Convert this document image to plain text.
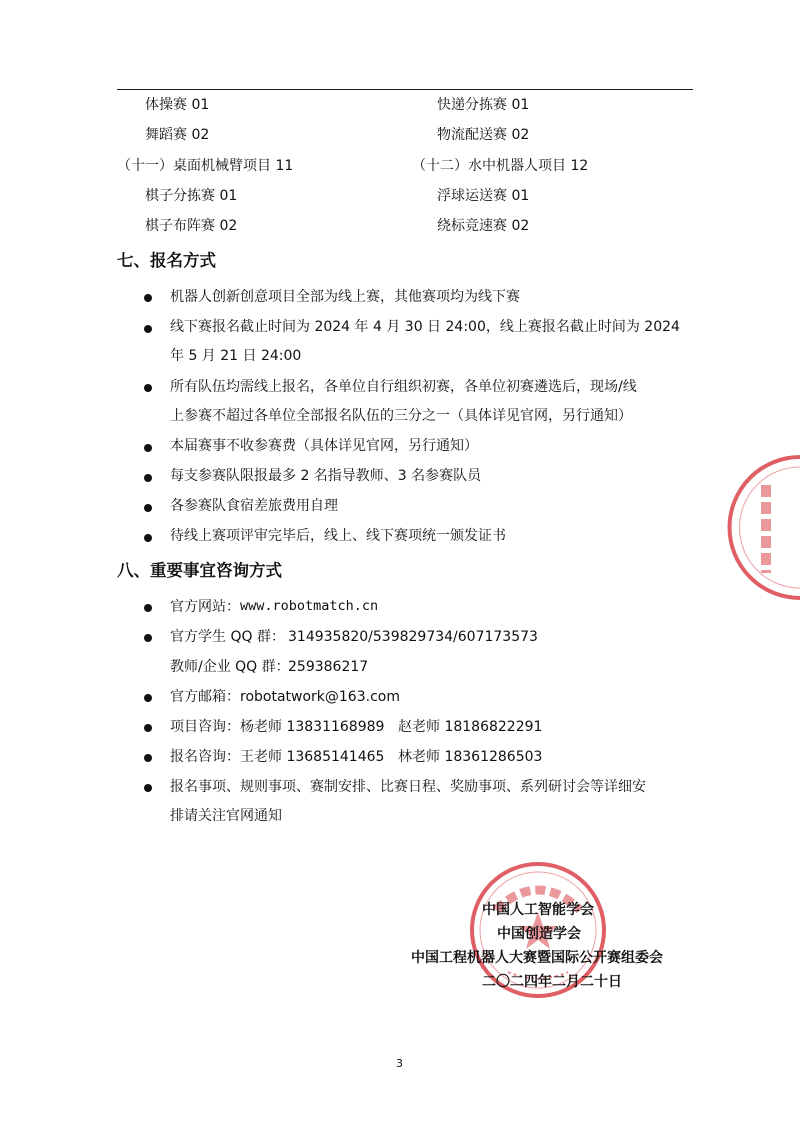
体操赛 01
舞蹈赛 02
（十一）桌面机械臂项目 11
棋子分拣赛 01
棋子布阵赛 02
快递分拣赛 01
物流配送赛 02
（十二）水中机器人项目 12
浮球运送赛 01
绕标竞速赛 02
七、报名方式
机器人创新创意项目全部为线上赛，其他赛项均为线下赛
线下赛报名截止时间为 2024 年 4 月 30 日 24:00，线上赛报名截止时间为 2024
年 5 月 21 日 24:00
所有队伍均需线上报名，各单位自行组织初赛，各单位初赛遴选后，现场/线
上参赛不超过各单位全部报名队伍的三分之一（具体详见官网，另行通知）
本届赛事不收参赛费（具体详见官网，另行通知）
每支参赛队限报最多 2 名指导教师、3 名参赛队员
各参赛队食宿差旅费用自理
待线上赛项评审完毕后，线上、线下赛项统一颁发证书
八、重要事宜咨询方式
官方网站： www.robotmatch.cn
官方学生 QQ 群： 314935820/539829734/607173573
教师/企业 QQ 群：
259386217
官方邮箱： robotatwork@163.com
项目咨询： 杨老师 13831168989 赵老师 18186822291
报名咨询： 王老师 13685141465 林老师 18361286503
报名事项、规则事项、赛制安排、比赛日程、奖励事项、系列研讨会等详细安
排请关注官网通知
中国人工智能学会
中国创造学会
中国工程机器人大赛暨国际公开赛组委会
二〇二四年二月二十日
3
